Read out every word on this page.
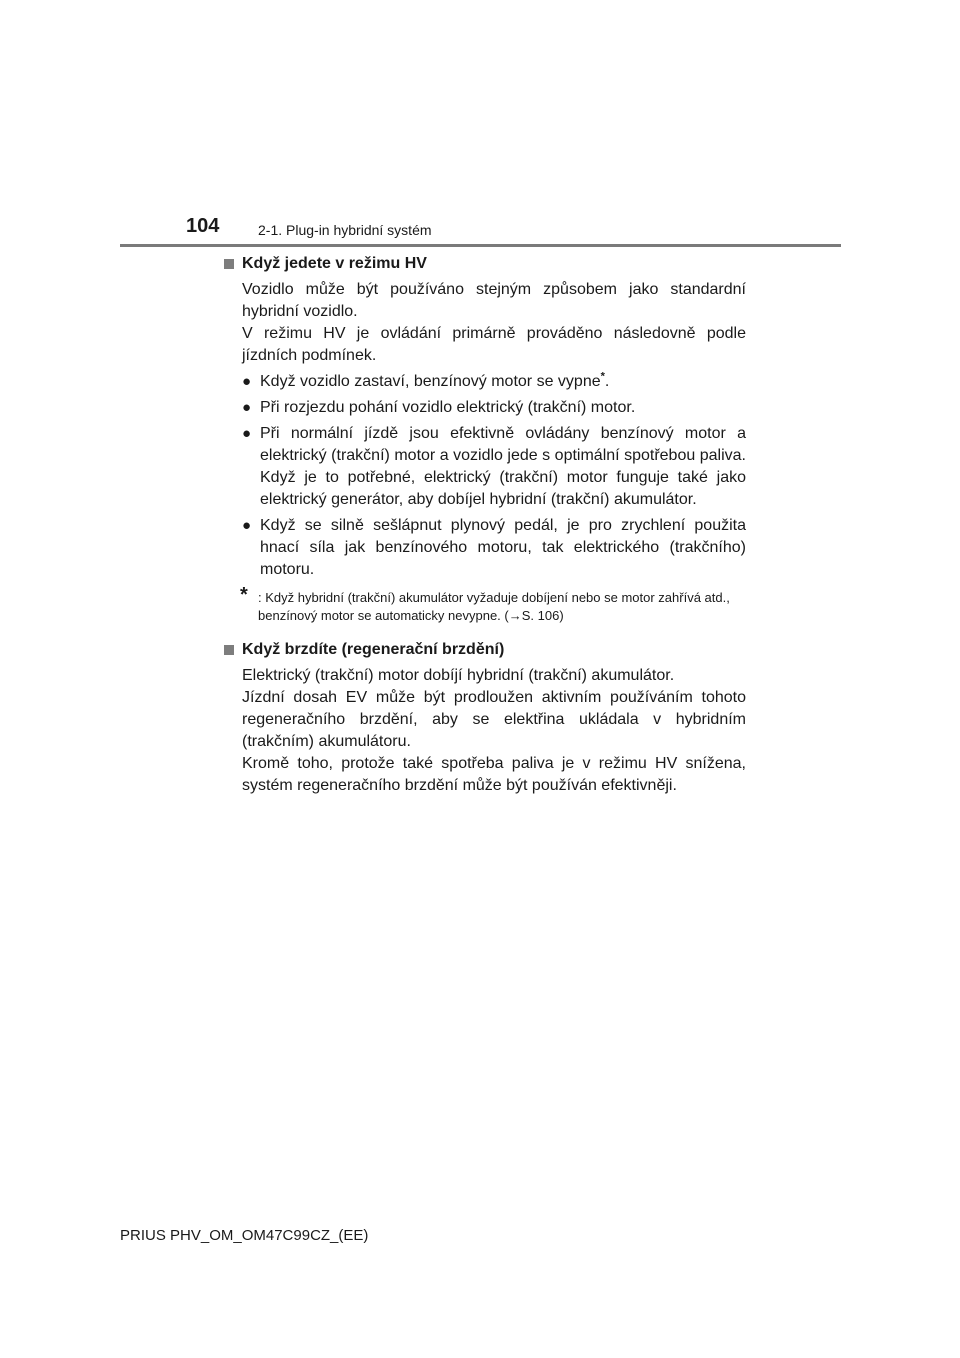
104	2-1. Plug-in hybridní systém
Když jedete v režimu HV

Vozidlo může být používáno stejným způsobem jako standardní hybridní vozidlo.

V režimu HV je ovládání primárně prováděno následovně podle jízdních podmínek.

● Když vozidlo zastaví, benzínový motor se vypne*.
● Při rozjezdu pohání vozidlo elektrický (trakční) motor.
● Při normální jízdě jsou efektivně ovládány benzínový motor a elektrický (trakční) motor a vozidlo jede s optimální spotřebou paliva. Když je to potřebné, elektrický (trakční) motor funguje také jako elektrický generátor, aby dobíjel hybridní (trakční) akumulátor.
● Když se silně sešlápnut plynový pedál, je pro zrychlení použita hnací síla jak benzínového motoru, tak elektrického (trakčního) motoru.
* : Když hybridní (trakční) akumulátor vyžaduje dobíjení nebo se motor zahřívá atd., benzínový motor se automaticky nevypne. (→S. 106)
Když brzdíte (regenerační brzdění)

Elektrický (trakční) motor dobíjí hybridní (trakční) akumulátor.

Jízdní dosah EV může být prodloužen aktivním používáním tohoto regeneračního brzdění, aby se elektřina ukládala v hybridním (trakčním) akumulátoru.

Kromě toho, protože také spotřeba paliva je v režimu HV snížena, systém regeneračního brzdění může být používán efektivněji.

PRIUS PHV_OM_OM47C99CZ_(EE)
